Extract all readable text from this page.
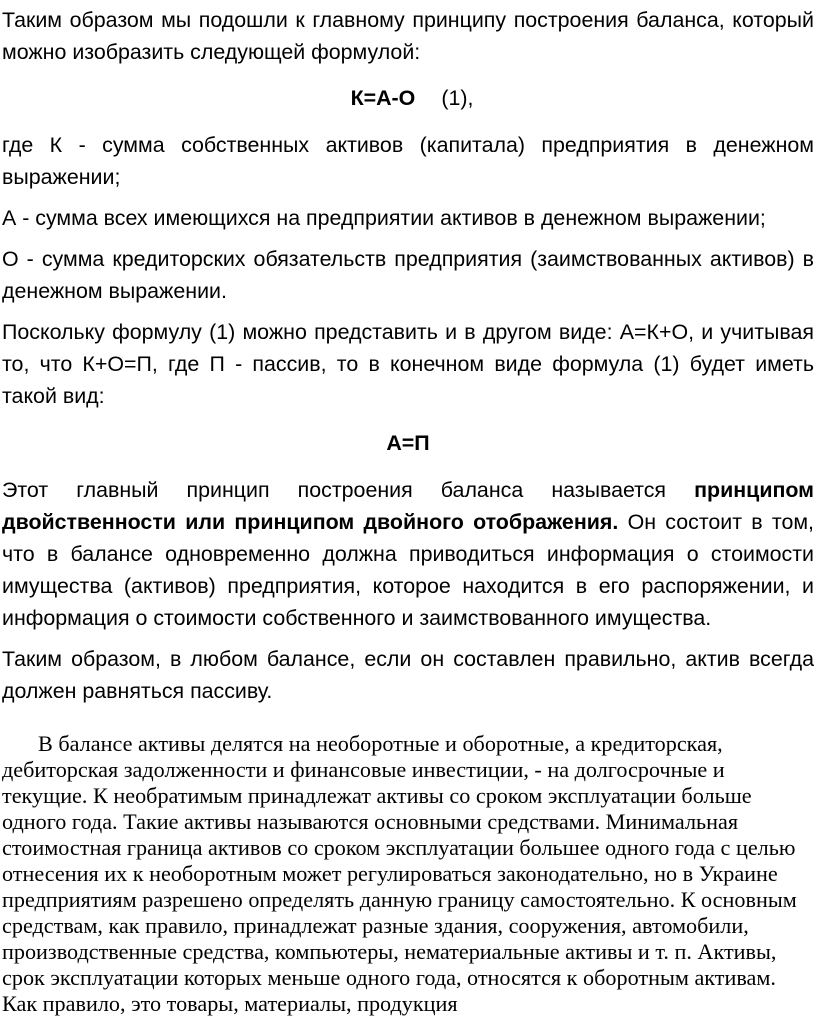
Таким образом мы подошли к главному принципу построения баланса, который можно изобразить следующей формулой:

К=А-О (1),

где К - сумма собственных активов (капитала) предприятия в денежном выражении;

А - сумма всех имеющихся на предприятии активов в денежном выражении;

О - сумма кредиторских обязательств предприятия (заимствованных активов) в денежном выражении.

Поскольку формулу (1) можно представить и в другом виде: А=К+О, и учитывая то, что К+О=П, где П - пассив, то в конечном виде формула (1) будет иметь такой вид:

А=П

Этот главный принцип построения баланса называется принципом двойственности или принципом двойного отображения. Он состоит в том, что в балансе одновременно должна приводиться информация о стоимости имущества (активов) предприятия, которое находится в его распоряжении, и информация о стоимости собственного и заимствованного имущества.

Таким образом, в любом балансе, если он составлен правильно, актив всегда должен равняться пассиву.

В балансе активы делятся на необоротные и оборотные, а кредиторская, дебиторская задолженности и финансовые инвестиции, - на долгосрочные и текущие. К необратимым принадлежат активы со сроком эксплуатации больше одного года. Такие активы называются основными средствами. Минимальная стоимостная граница активов со сроком эксплуатации большее одного года с целью отнесения их к необоротным может регулироваться законодательно, но в Украине предприятиям разрешено определять данную границу самостоятельно. К основным средствам, как правило, принадлежат разные здания, сооружения, автомобили, производственные средства, компьютеры, нематериальные активы и т. п. Активы, срок эксплуатации которых меньше одного года, относятся к оборотным активам. Как правило, это товары, материалы, продукция
